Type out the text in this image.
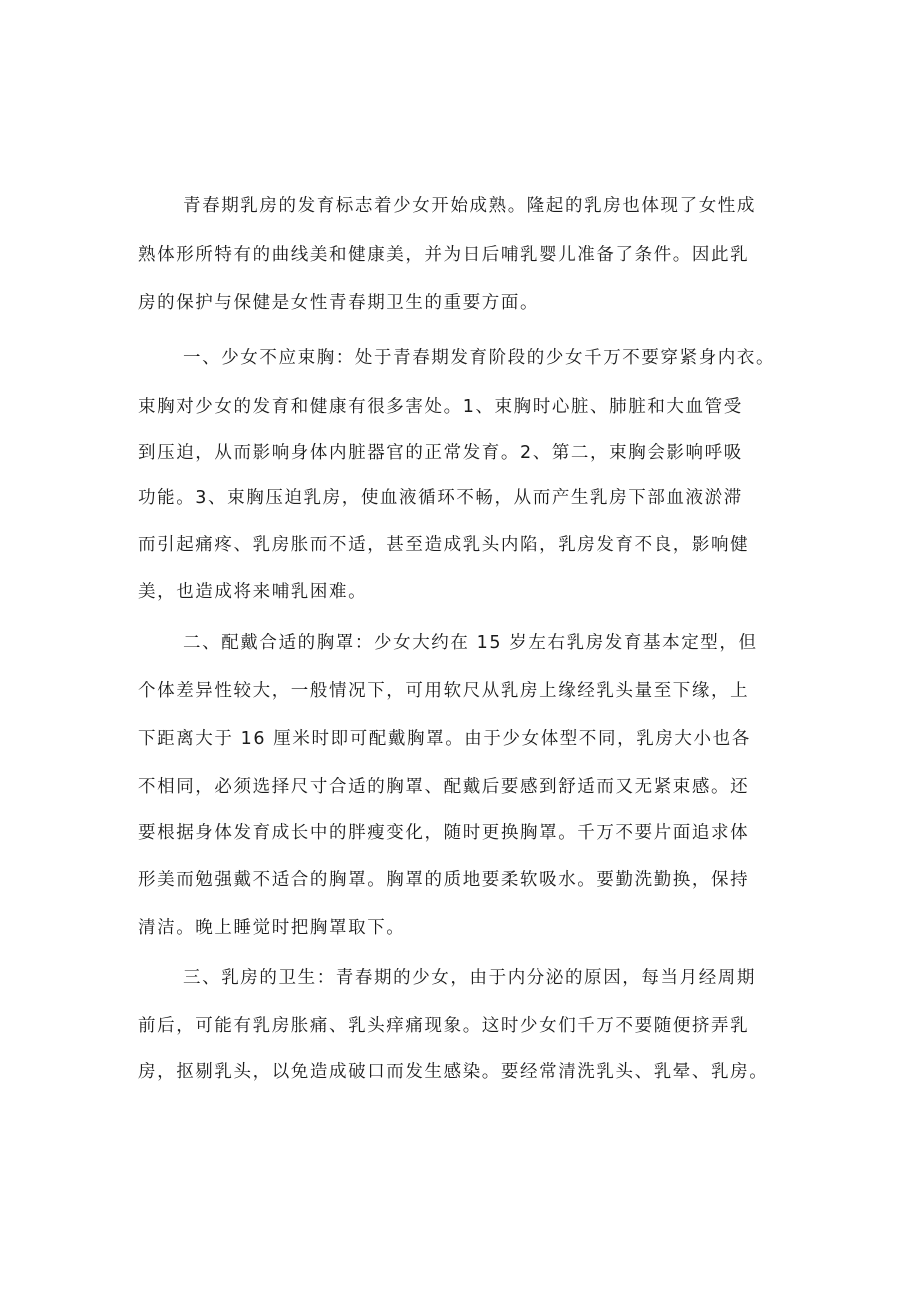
青春期乳房的发育标志着少女开始成熟。隆起的乳房也体现了女性成
熟体形所特有的曲线美和健康美，并为日后哺乳婴儿准备了条件。因此乳
房的保护与保健是女性青春期卫生的重要方面。
一、少女不应束胸：处于青春期发育阶段的少女千万不要穿紧身内衣。
束胸对少女的发育和健康有很多害处。1、束胸时心脏、肺脏和大血管受
到压迫，从而影响身体内脏器官的正常发育。2、第二，束胸会影响呼吸
功能。3、束胸压迫乳房，使血液循环不畅，从而产生乳房下部血液淤滞
而引起痛疼、乳房胀而不适，甚至造成乳头内陷，乳房发育不良，影响健
美，也造成将来哺乳困难。
二、配戴合适的胸罩：少女大约在 15 岁左右乳房发育基本定型，但
个体差异性较大，一般情况下，可用软尺从乳房上缘经乳头量至下缘，上
下距离大于 16 厘米时即可配戴胸罩。由于少女体型不同，乳房大小也各
不相同，必须选择尺寸合适的胸罩、配戴后要感到舒适而又无紧束感。还
要根据身体发育成长中的胖瘦变化，随时更换胸罩。千万不要片面追求体
形美而勉强戴不适合的胸罩。胸罩的质地要柔软吸水。要勤洗勤换，保持
清洁。晚上睡觉时把胸罩取下。
三、乳房的卫生：青春期的少女，由于内分泌的原因，每当月经周期
前后，可能有乳房胀痛、乳头痒痛现象。这时少女们千万不要随便挤弄乳
房，抠剔乳头，以免造成破口而发生感染。要经常清洗乳头、乳晕、乳房。
